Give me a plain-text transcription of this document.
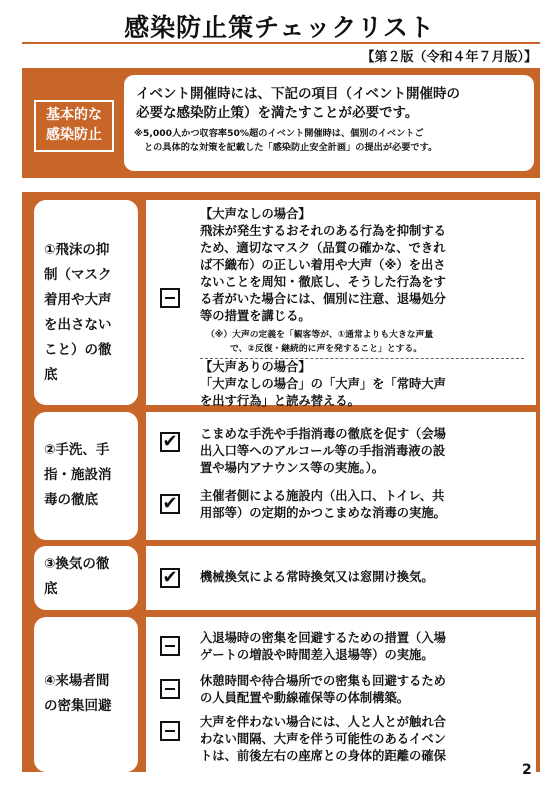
感染防止策チェックリスト
【第２版（令和４年７月版）】
基本的な
感染防止

イベント開催時には、下記の項目（イベント開催時の
必要な感染防止策）を満たすことが必要です。

※5,000人かつ収容率50%超のイベント開催時は、個別のイベントご
との具体的な対策を記載した「感染防止安全計画」の提出が必要です。

①飛沫の抑
制（マスク
着用や大声
を出さない
こと）の徹
底

【大声なしの場合】

飛沫が発生するおそれのある行為を抑制する

ため、適切なマスク（品質の確かな、できれ

ば不織布）の正しい着用や大声（※）を出さ

ないことを周知・徹底し、そうした行為をす

る者がいた場合には、個別に注意、退場処分

等の措置を講じる。

（※）大声の定義を「観客等が、①通常よりも大きな声量
で、②反復・継続的に声を発すること」とする。

【大声ありの場合】

「大声なしの場合」の「大声」を「常時大声

を出す行為」と読み替える。

②手洗、手
指・施設消
毒の徹底
✔ こまめな手洗や手指消毒の徹底を促す（会場

出入口等へのアルコール等の手指消毒液の設

置や場内アナウンス等の実施。）。

✔ 主催者側による施設内（出入口、トイレ、共

用部等）の定期的かつこまめな消毒の実施。

③換気の徹
底
✔ 機械換気による常時換気又は窓開け換気。

④来場者間
の密集回避

入退場時の密集を回避するための措置（入場

ゲートの増設や時間差入退場等）の実施。

休憩時間や待合場所での密集も回避するため

の人員配置や動線確保等の体制構築。

大声を伴わない場合には、人と人とが触れ合

わない間隔、大声を伴う可能性のあるイベン

トは、前後左右の座席との身体的距離の確保

2
